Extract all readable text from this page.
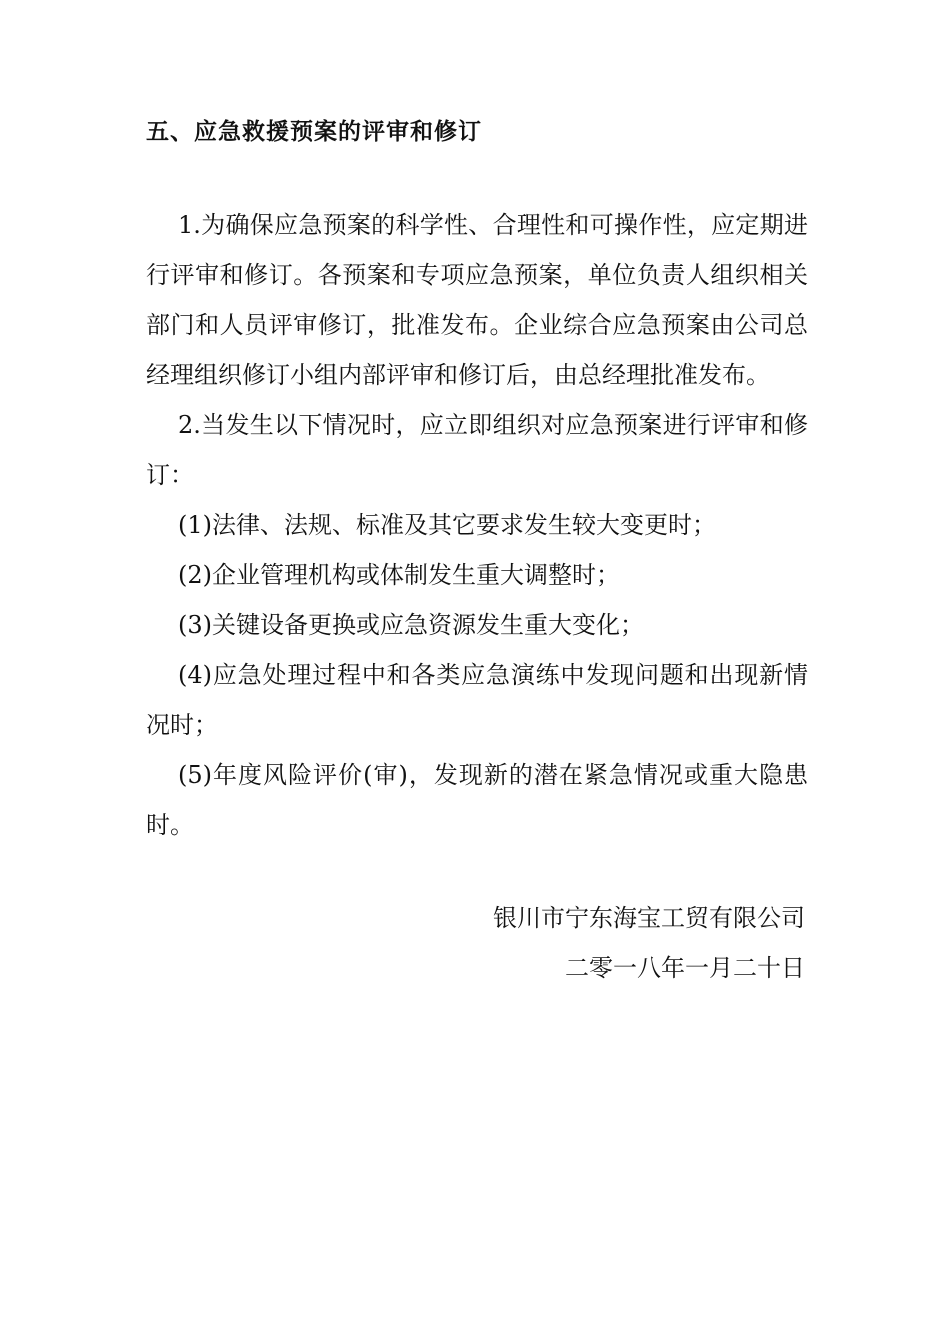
五、应急救援预案的评审和修订

1.为确保应急预案的科学性、合理性和可操作性，应定期进行评审和修订。各预案和专项应急预案，单位负责人组织相关部门和人员评审修订，批准发布。企业综合应急预案由公司总经理组织修订小组内部评审和修订后，由总经理批准发布。

2.当发生以下情况时，应立即组织对应急预案进行评审和修订：

(1)法律、法规、标准及其它要求发生较大变更时；

(2)企业管理机构或体制发生重大调整时；

(3)关键设备更换或应急资源发生重大变化；

(4)应急处理过程中和各类应急演练中发现问题和出现新情况时；

(5)年度风险评价(审)，发现新的潜在紧急情况或重大隐患时。

银川市宁东海宝工贸有限公司
二零一八年一月二十日
